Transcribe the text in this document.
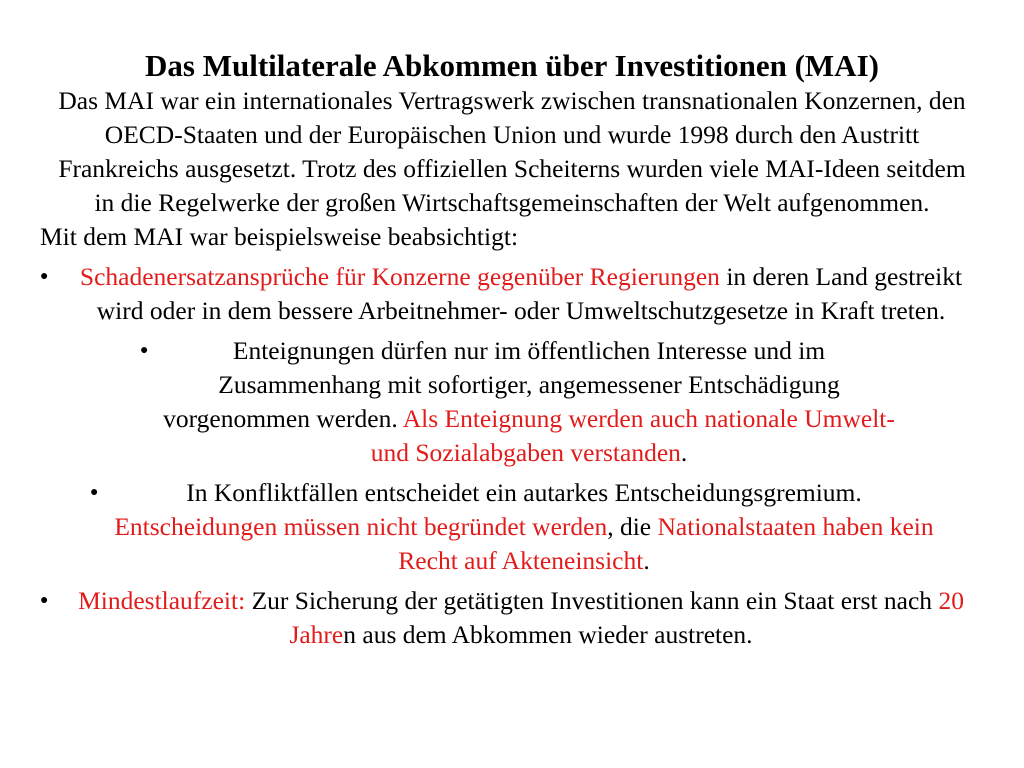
Das Multilaterale Abkommen über Investitionen (MAI)

Das MAI war ein internationales Vertragswerk zwischen transnationalen Konzernen, den OECD-Staaten und der Europäischen Union und wurde 1998 durch den Austritt Frankreichs ausgesetzt. Trotz des offiziellen Scheiterns wurden viele MAI-Ideen seitdem in die Regelwerke der großen Wirtschaftsgemeinschaften der Welt aufgenommen.

Mit dem MAI war beispielsweise beabsichtigt:

●	Schadenersatzansprüche für Konzerne gegenüber Regierungen in deren Land gestreikt wird oder in dem bessere Arbeitnehmer- oder Umweltschutzgesetze in Kraft treten.
●	Enteignungen dürfen nur im öffentlichen Interesse und im Zusammenhang mit sofortiger, angemessener Entschädigung vorgenommen werden. Als Enteignung werden auch nationale Umwelt- und Sozialabgaben verstanden.
●	In Konfliktfällen entscheidet ein autarkes Entscheidungsgremium. Entscheidungen müssen nicht begründet werden, die Nationalstaaten haben kein Recht auf Akteneinsicht.
●	Mindestlaufzeit: Zur Sicherung der getätigten Investitionen kann ein Staat erst nach 20 Jahren aus dem Abkommen wieder austreten.
